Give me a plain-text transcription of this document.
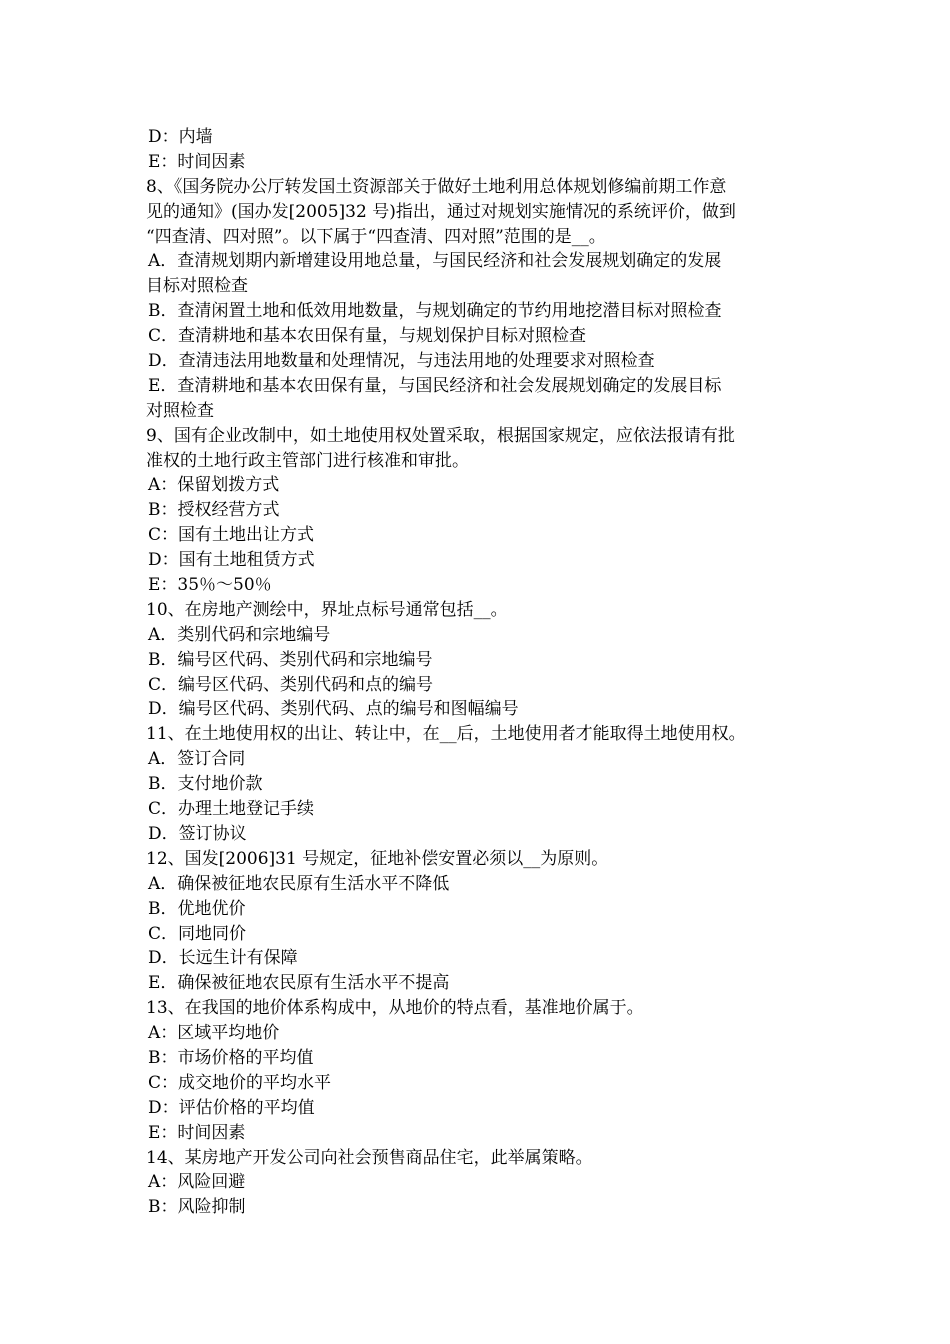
D：内墙
E：时间因素
8、《国务院办公厅转发国土资源部关于做好土地利用总体规划修编前期工作意
见的通知》(国办发[2005]32 号)指出，通过对规划实施情况的系统评价，做到
“四查清、四对照”。以下属于“四查清、四对照”范围的是__。
A．查清规划期内新增建设用地总量，与国民经济和社会发展规划确定的发展
目标对照检查
B．查清闲置土地和低效用地数量，与规划确定的节约用地挖潜目标对照检查
C．查清耕地和基本农田保有量，与规划保护目标对照检查
D．查清违法用地数量和处理情况，与违法用地的处理要求对照检查
E．查清耕地和基本农田保有量，与国民经济和社会发展规划确定的发展目标
对照检查
9、国有企业改制中，如土地使用权处置采取，根据国家规定，应依法报请有批
准权的土地行政主管部门进行核准和审批。
A：保留划拨方式
B：授权经营方式
C：国有土地出让方式
D：国有土地租赁方式
E：35％～50％
10、在房地产测绘中，界址点标号通常包括__。
A．类别代码和宗地编号
B．编号区代码、类别代码和宗地编号
C．编号区代码、类别代码和点的编号
D．编号区代码、类别代码、点的编号和图幅编号
11、在土地使用权的出让、转让中，在__后，土地使用者才能取得土地使用权。
A．签订合同
B．支付地价款
C．办理土地登记手续
D．签订协议
12、国发[2006]31 号规定，征地补偿安置必须以__为原则。
A．确保被征地农民原有生活水平不降低
B．优地优价
C．同地同价
D．长远生计有保障
E．确保被征地农民原有生活水平不提高
13、在我国的地价体系构成中，从地价的特点看，基准地价属于。
A：区域平均地价
B：市场价格的平均值
C：成交地价的平均水平
D：评估价格的平均值
E：时间因素
14、某房地产开发公司向社会预售商品住宅，此举属策略。
A：风险回避
B：风险抑制
